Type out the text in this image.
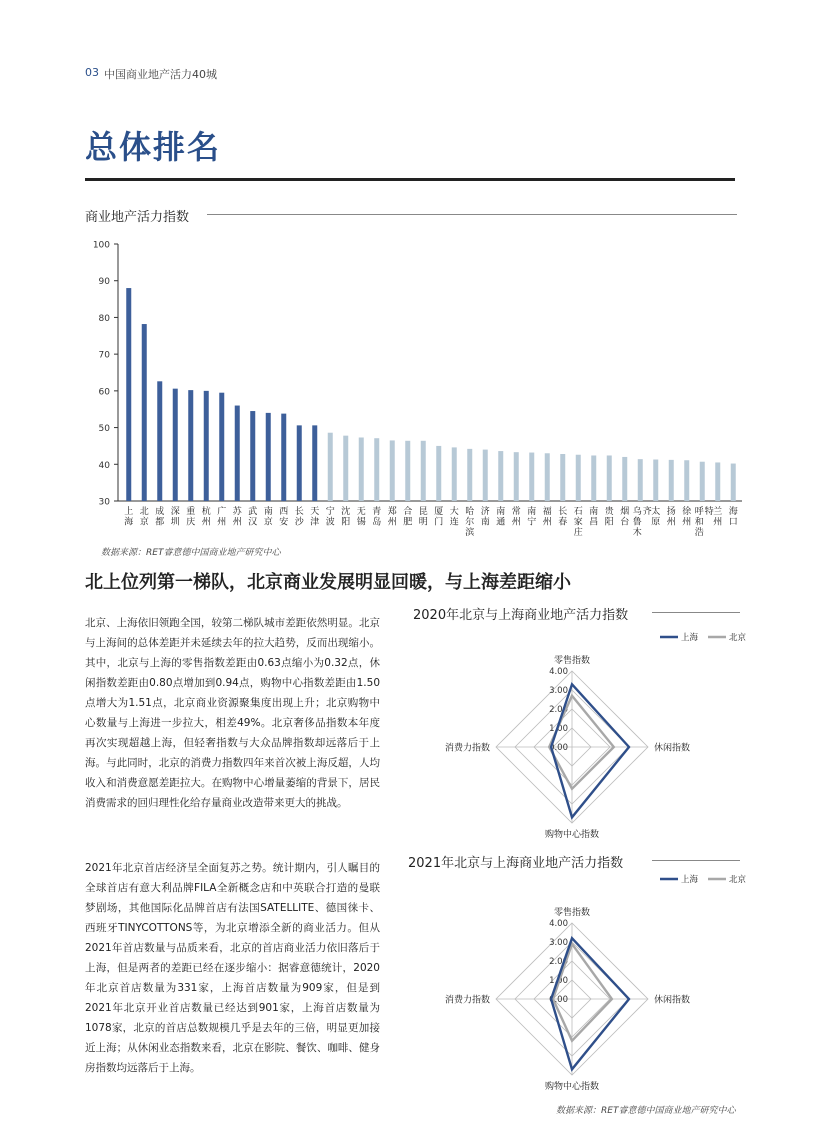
03 中国商业地产活力40城
总体排名
商业地产活力指数
30
40
50
60
70
80
90
100
上
海
北
京
成
都
深
圳
重
庆
杭
州
广
州
苏
州
武
汉
南
京
西
安
长
沙
天
津
宁
波
沈
阳
无
锡
青
岛
郑
州
合
肥
昆
明
厦
门
大
连
哈
尔
滨
济
南
南
通
常
州
南
宁
福
州
长
春
石
家
庄
南
昌
贵
阳
烟
台
乌
鲁
木
齐 太
原
扬
州
徐
州
呼
和
浩
特 兰
州
海
口
数据来源：RET睿意德中国商业地产研究中心
北上位列第一梯队，北京商业发展明显回暖，与上海差距缩小
北京、上海依旧领跑全国，较第二梯队城市差距依然明显。北京与上海间的总体差距并未延续去年的拉大趋势，反而出现缩小。其中，北京与上海的零售指数差距由0.63点缩小为0.32点，休闲指数差距由0.80点增加到0.94点，购物中心指数差距由1.50点增大为1.51点，北京商业资源聚集度出现上升；北京购物中心数量与上海进一步拉大，相差49%。北京奢侈品指数本年度再次实现超越上海，但轻奢指数与大众品牌指数却远落后于上海。与此同时，北京的消费力指数四年来首次被上海反超，人均收入和消费意愿差距拉大。在购物中心增量萎缩的背景下，居民消费需求的回归理性化给存量商业改造带来更大的挑战。
2021年北京首店经济呈全面复苏之势。统计期内，引人瞩目的全球首店有意大利品牌FILA全新概念店和中英联合打造的曼联梦剧场，其他国际化品牌首店有法国SATELLITE、德国徕卡、西班牙TINYCOTTONS等，为北京增添全新的商业活力。但从2021年首店数量与品质来看，北京的首店商业活力依旧落后于上海，但是两者的差距已经在逐步缩小：据睿意德统计，2020年北京首店数量为331家，上海首店数量为909家，但是到2021年北京开业首店数量已经达到901家，上海首店数量为1078家，北京的首店总数规模几乎是去年的三倍，明显更加接近上海；从休闲业态指数来看，北京在影院、餐饮、咖啡、健身房指数均远落后于上海。
2020年北京与上海商业地产活力指数
4.00
3.00
2.00
1.00
0.00
零售指数
休闲指数
购物中心指数
消费力指数
上海	北京
2021年北京与上海商业地产活力指数
4.00
3.00
2.00
1.00
0.00
零售指数
休闲指数
购物中心指数
消费力指数
上海	北京
数据来源：RET睿意德中国商业地产研究中心
